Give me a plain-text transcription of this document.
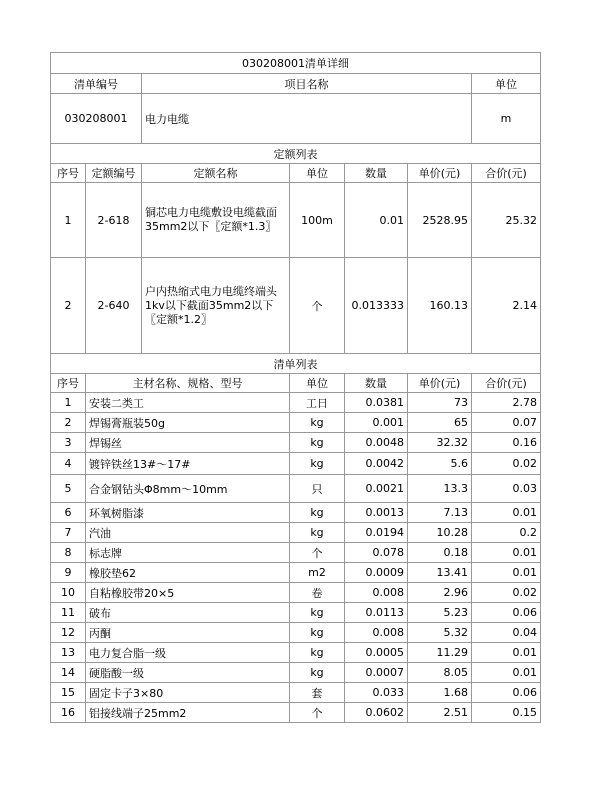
030208001清单详细							
清单编号		项目名称				单位	
030208001		电力电缆				m	
定额列表							
序号	定额编号	定额名称	单位	数量	单价(元)	合价(元)	
1	2-618	铜芯电力电缆敷设电缆截面35mm2以下〖定额*1.3〗	100m	0.01	2528.95	25.32	
2	2-640	户内热缩式电力电缆终端头1kv以下截面35mm2以下〖定额*1.2〗	个	0.013333	160.13	2.14	
清单列表							
序号	主材名称、规格、型号		单位	数量	单价(元)	合价(元)	
1	安装二类工		工日	0.0381	73	2.78	
2	焊锡膏瓶装50g		kg	0.001	65	0.07	
3	焊锡丝		kg	0.0048	32.32	0.16	
4	镀锌铁丝13#～17#		kg	0.0042	5.6	0.02	
5	合金钢钻头Φ8mm～10mm		只	0.0021	13.3	0.03	
6	环氧树脂漆		kg	0.0013	7.13	0.01	
7	汽油		kg	0.0194	10.28	0.2	
8	标志牌		个	0.078	0.18	0.01	
9	橡胶垫62		m2	0.0009	13.41	0.01	
10	自粘橡胶带20×5		卷	0.008	2.96	0.02	
11	破布		kg	0.0113	5.23	0.06	
12	丙酮		kg	0.008	5.32	0.04	
13	电力复合脂一级		kg	0.0005	11.29	0.01	
14	硬脂酸一级		kg	0.0007	8.05	0.01	
15	固定卡子3×80		套	0.033	1.68	0.06	
16	铝接线端子25mm2		个	0.0602	2.51	0.15	
